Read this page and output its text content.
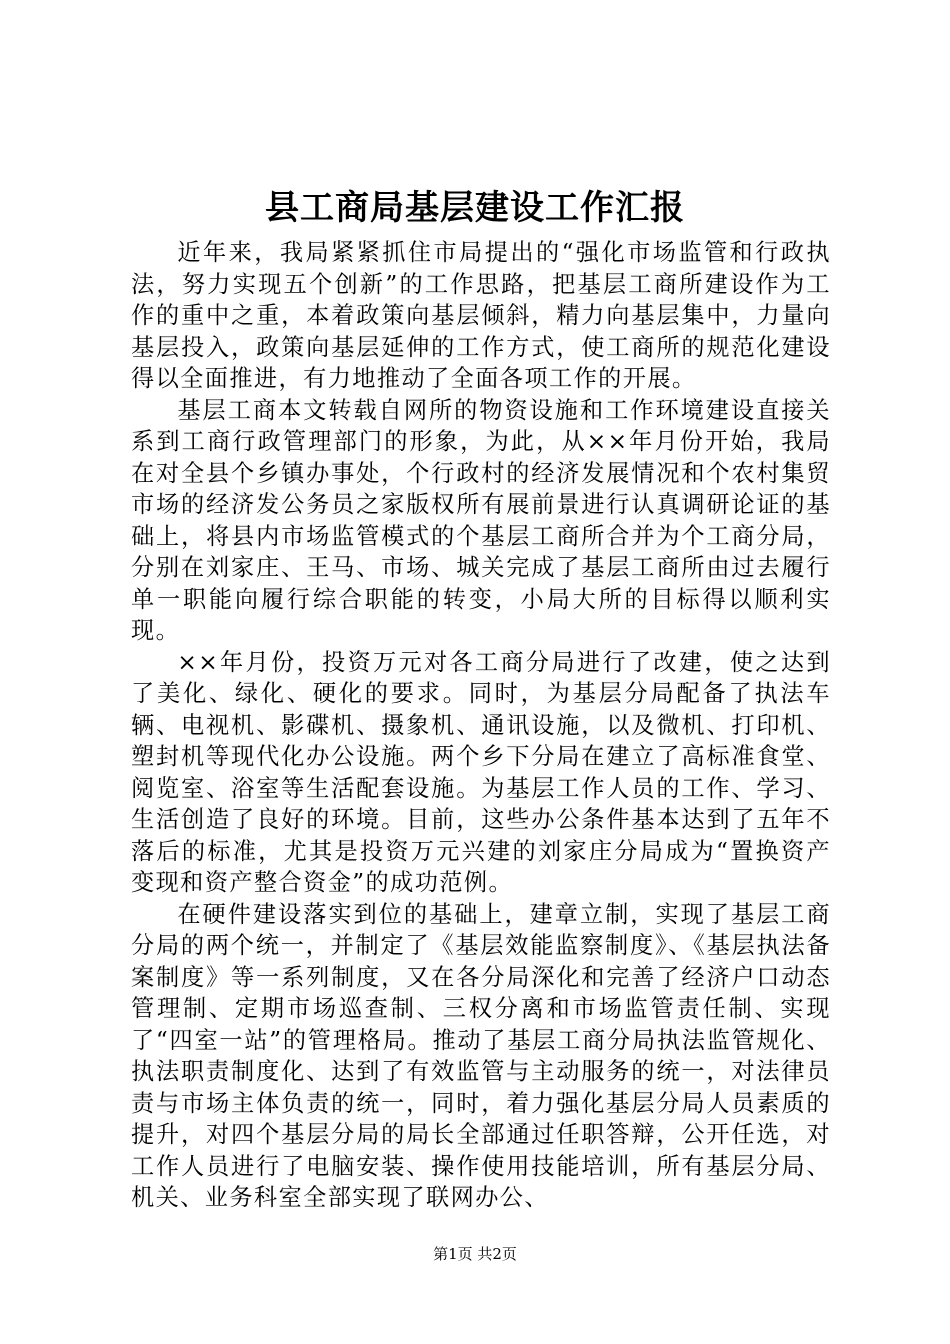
县工商局基层建设工作汇报

近年来，我局紧紧抓住市局提出的“强化市场监管和行政执法，努力实现五个创新”的工作思路，把基层工商所建设作为工作的重中之重，本着政策向基层倾斜，精力向基层集中，力量向基层投入，政策向基层延伸的工作方式，使工商所的规范化建设得以全面推进，有力地推动了全面各项工作的开展。

基层工商本文转载自网所的物资设施和工作环境建设直接关系到工商行政管理部门的形象，为此，从××年月份开始，我局在对全县个乡镇办事处，个行政村的经济发展情况和个农村集贸市场的经济发公务员之家版权所有展前景进行认真调研论证的基础上，将县内市场监管模式的个基层工商所合并为个工商分局，分别在刘家庄、王马、市场、城关完成了基层工商所由过去履行单一职能向履行综合职能的转变，小局大所的目标得以顺利实现。

××年月份，投资万元对各工商分局进行了改建，使之达到了美化、绿化、硬化的要求。同时，为基层分局配备了执法车辆、电视机、影碟机、摄象机、通讯设施，以及微机、打印机、塑封机等现代化办公设施。两个乡下分局在建立了高标准食堂、阅览室、浴室等生活配套设施。为基层工作人员的工作、学习、生活创造了良好的环境。目前，这些办公条件基本达到了五年不落后的标准，尤其是投资万元兴建的刘家庄分局成为“置换资产变现和资产整合资金”的成功范例。

在硬件建设落实到位的基础上，建章立制，实现了基层工商分局的两个统一，并制定了《基层效能监察制度》、《基层执法备案制度》等一系列制度，又在各分局深化和完善了经济户口动态管理制、定期市场巡查制、三权分离和市场监管责任制、实现了“四室一站”的管理格局。推动了基层工商分局执法监管规化、执法职责制度化、达到了有效监管与主动服务的统一，对法律员责与市场主体负责的统一，同时，着力强化基层分局人员素质的提升，对四个基层分局的局长全部通过任职答辩，公开任选，对工作人员进行了电脑安装、操作使用技能培训，所有基层分局、机关、业务科室全部实现了联网办公、

第1页 共2页
